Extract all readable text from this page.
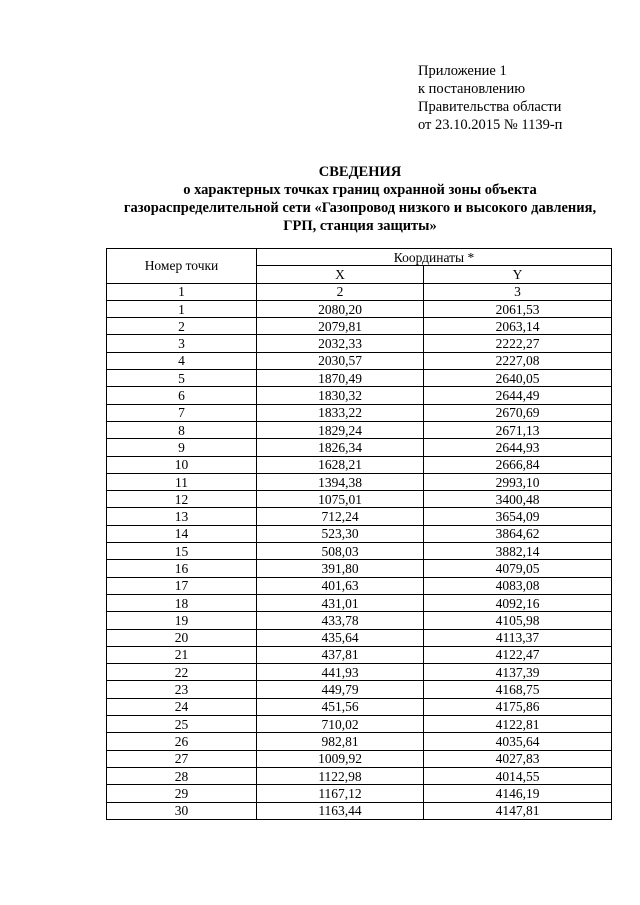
Приложение 1
к постановлению
Правительства области
от 23.10.2015 № 1139-п
СВЕДЕНИЯ
о характерных точках границ охранной зоны объекта
газораспределительной сети «Газопровод низкого и высокого давления,
ГРП, станция защиты»
Номер точки	Координаты *	
	X	Y
1	2	3
1	2080,20	2061,53
2	2079,81	2063,14
3	2032,33	2222,27
4	2030,57	2227,08
5	1870,49	2640,05
6	1830,32	2644,49
7	1833,22	2670,69
8	1829,24	2671,13
9	1826,34	2644,93
10	1628,21	2666,84
11	1394,38	2993,10
12	1075,01	3400,48
13	712,24	3654,09
14	523,30	3864,62
15	508,03	3882,14
16	391,80	4079,05
17	401,63	4083,08
18	431,01	4092,16
19	433,78	4105,98
20	435,64	4113,37
21	437,81	4122,47
22	441,93	4137,39
23	449,79	4168,75
24	451,56	4175,86
25	710,02	4122,81
26	982,81	4035,64
27	1009,92	4027,83
28	1122,98	4014,55
29	1167,12	4146,19
30	1163,44	4147,81
